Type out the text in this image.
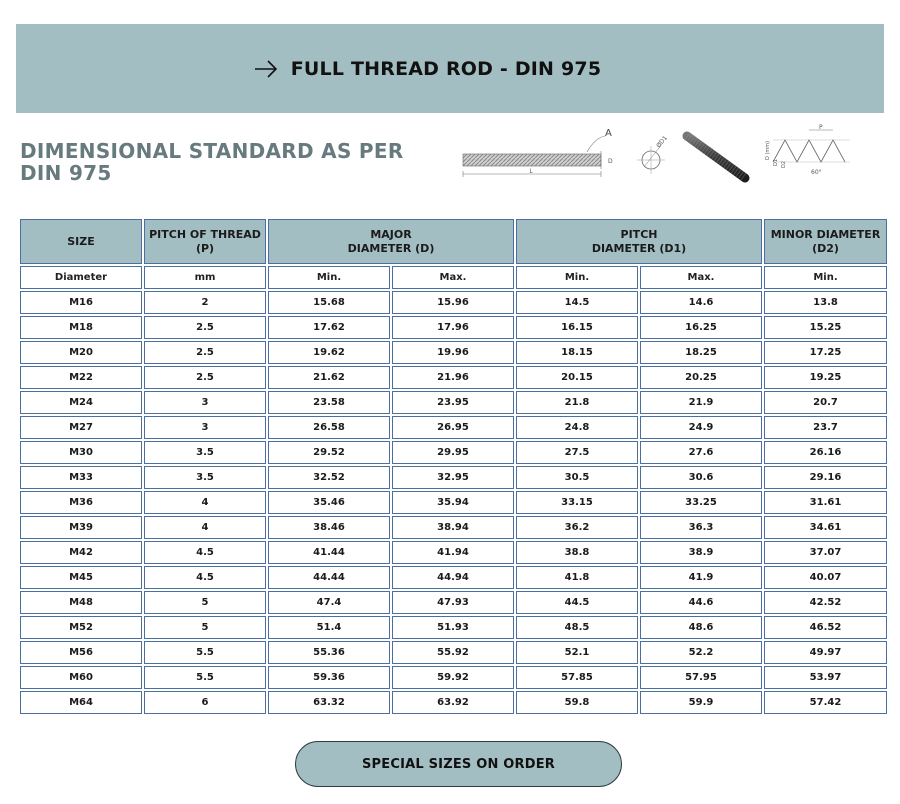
FULL THREAD ROD - DIN 975
DIMENSIONAL STANDARD AS PER DIN 975	L
D
A
ØD1
P
60°
D (mm)
D1 D2
SIZE	PITCH OF THREAD (P)	MAJOR DIAMETER (D)		PITCH DIAMETER (D1)		MINOR DIAMETER (D2)
Diameter	mm	Min.	Max.	Min.	Max.	Min.
M16	2	15.68	15.96	14.5	14.6	13.8
M18	2.5	17.62	17.96	16.15	16.25	15.25
M20	2.5	19.62	19.96	18.15	18.25	17.25
M22	2.5	21.62	21.96	20.15	20.25	19.25
M24	3	23.58	23.95	21.8	21.9	20.7
M27	3	26.58	26.95	24.8	24.9	23.7
M30	3.5	29.52	29.95	27.5	27.6	26.16
M33	3.5	32.52	32.95	30.5	30.6	29.16
M36	4	35.46	35.94	33.15	33.25	31.61
M39	4	38.46	38.94	36.2	36.3	34.61
M42	4.5	41.44	41.94	38.8	38.9	37.07
M45	4.5	44.44	44.94	41.8	41.9	40.07
M48	5	47.4	47.93	44.5	44.6	42.52
M52	5	51.4	51.93	48.5	48.6	46.52
M56	5.5	55.36	55.92	52.1	52.2	49.97
M60	5.5	59.36	59.92	57.85	57.95	53.97
M64	6	63.32	63.92	59.8	59.9	57.42
SPECIAL SIZES ON ORDER
